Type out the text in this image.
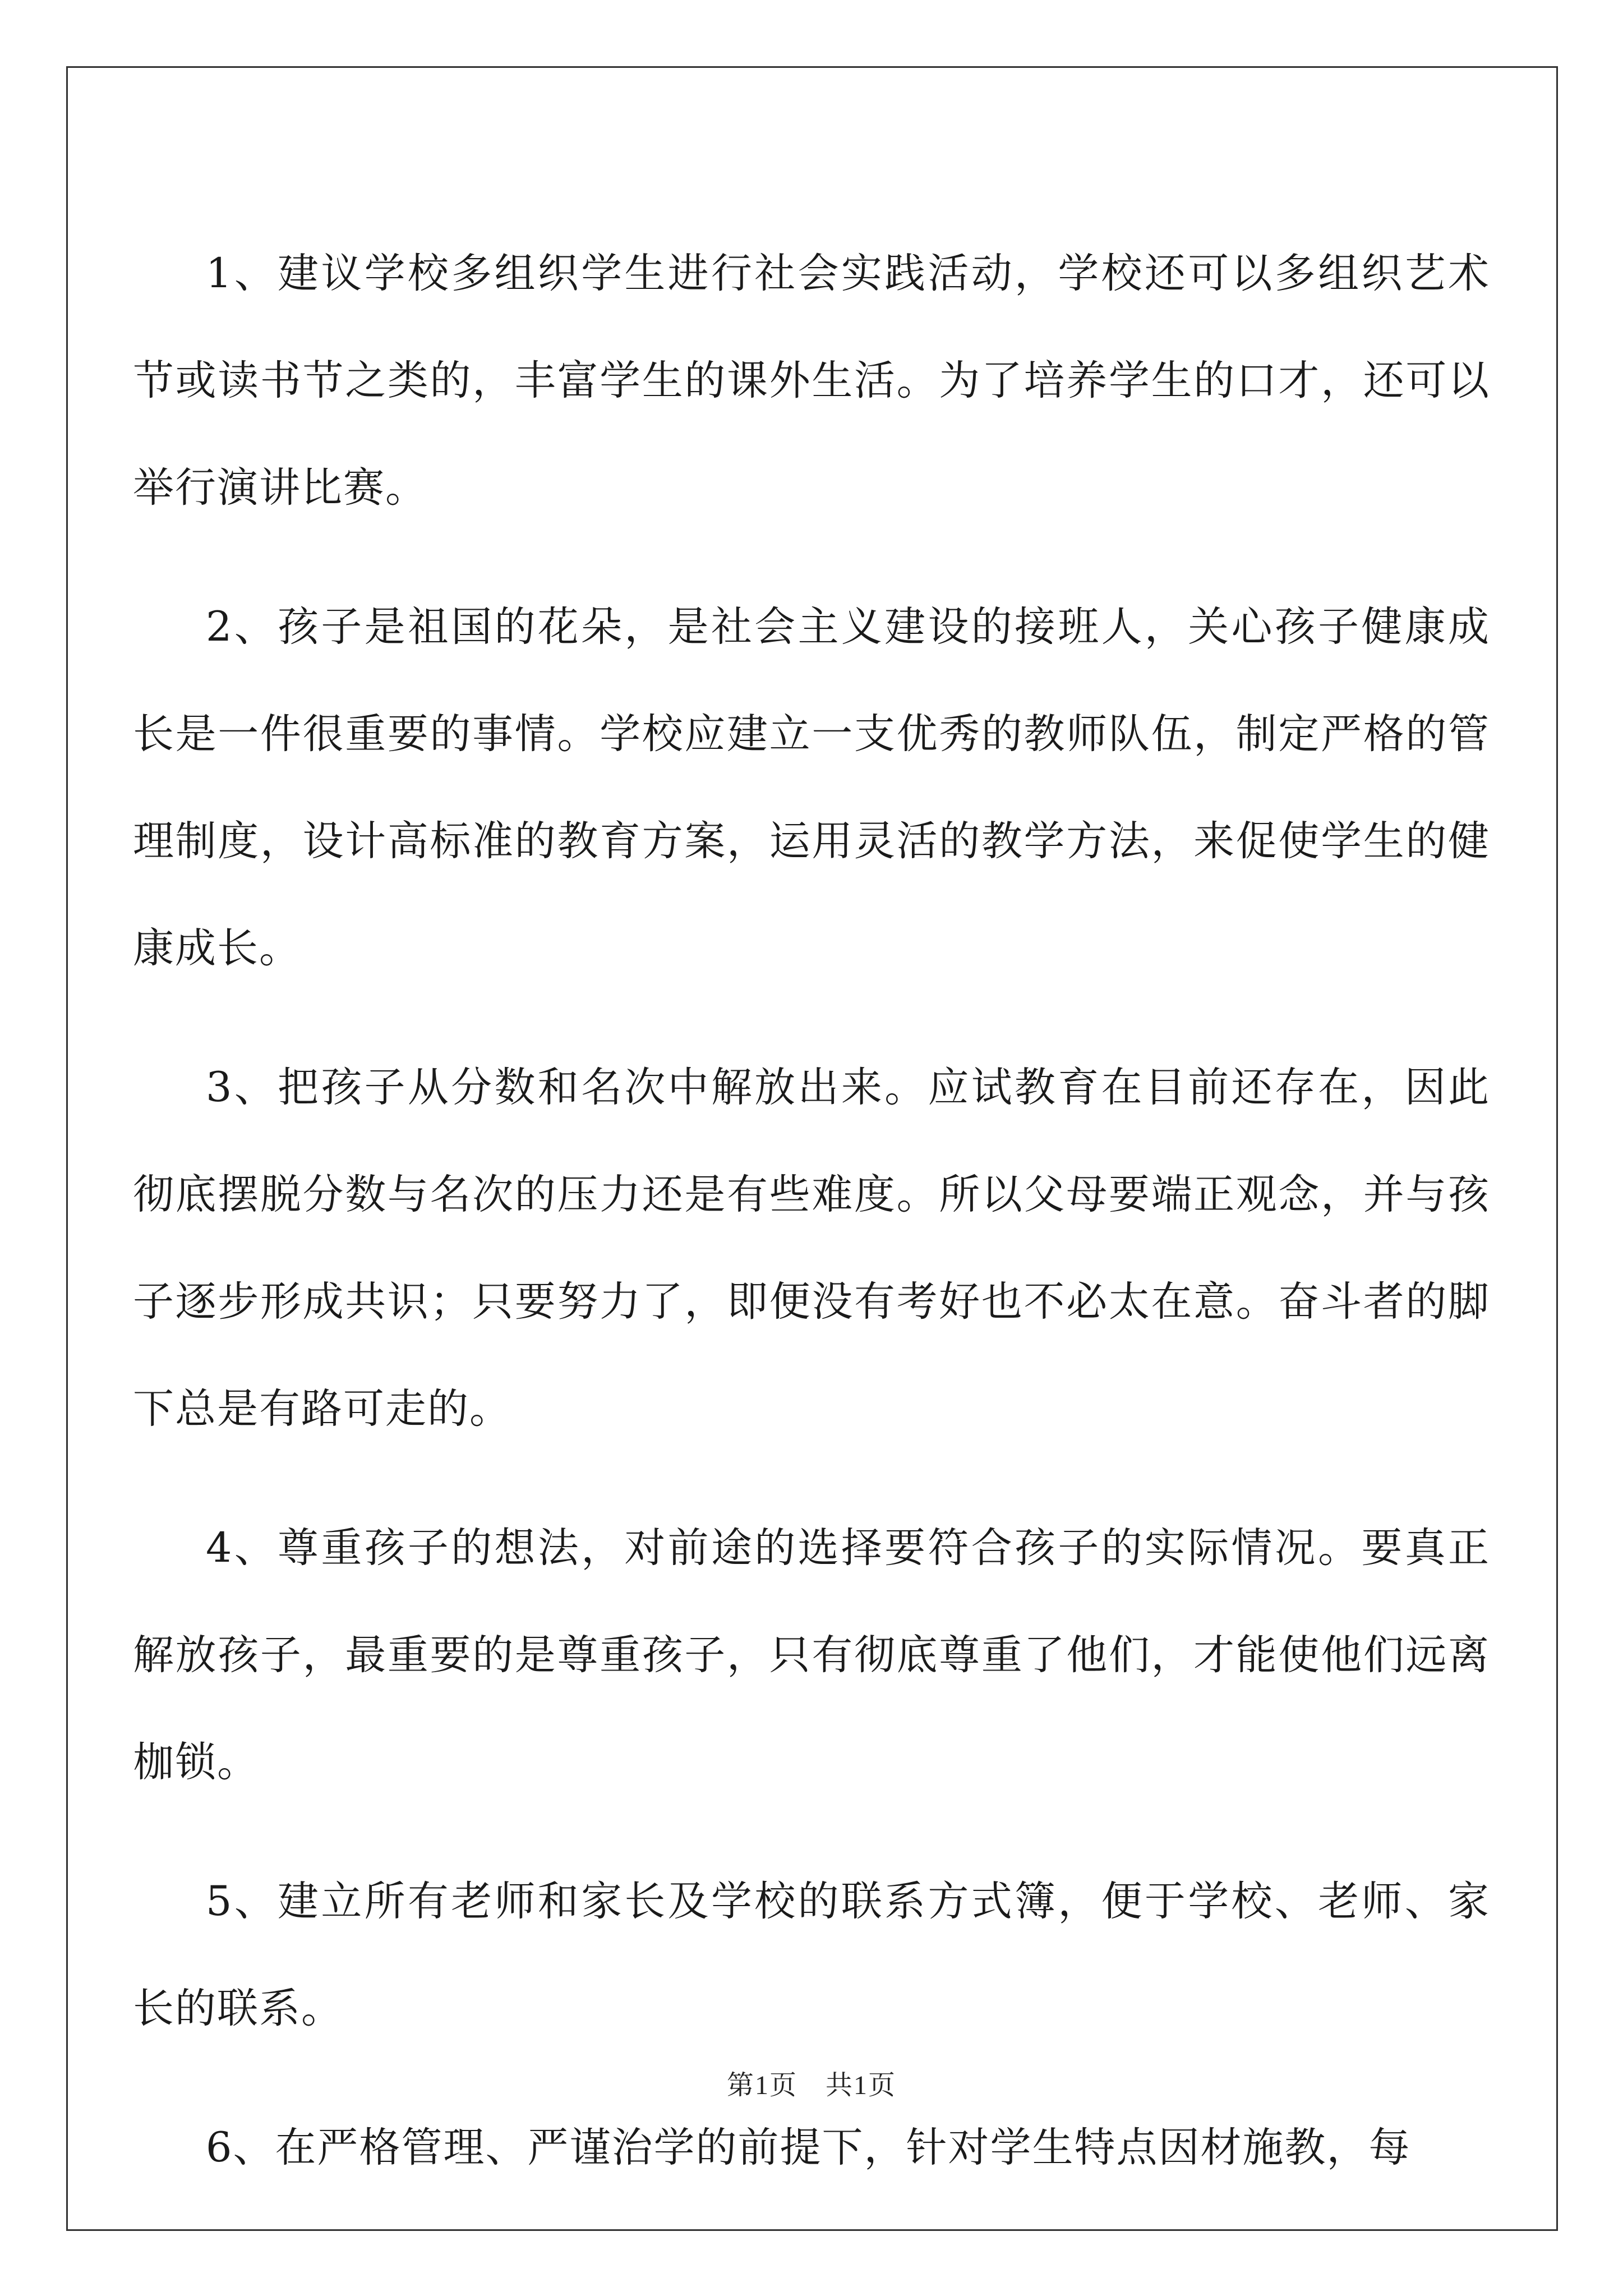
1、建议学校多组织学生进行社会实践活动，学校还可以多组织艺术节或读书节之类的，丰富学生的课外生活。为了培养学生的口才，还可以举行演讲比赛。

2、孩子是祖国的花朵，是社会主义建设的接班人，关心孩子健康成长是一件很重要的事情。学校应建立一支优秀的教师队伍，制定严格的管理制度，设计高标准的教育方案，运用灵活的教学方法，来促使学生的健康成长。

3、把孩子从分数和名次中解放出来。应试教育在目前还存在，因此彻底摆脱分数与名次的压力还是有些难度。所以父母要端正观念，并与孩子逐步形成共识；只要努力了，即便没有考好也不必太在意。奋斗者的脚下总是有路可走的。

4、尊重孩子的想法，对前途的选择要符合孩子的实际情况。要真正解放孩子，最重要的是尊重孩子，只有彻底尊重了他们，才能使他们远离枷锁。

5、建立所有老师和家长及学校的联系方式簿，便于学校、老师、家长的联系。

6、在严格管理、严谨治学的前提下，针对学生特点因材施教，每

第1页　共1页
